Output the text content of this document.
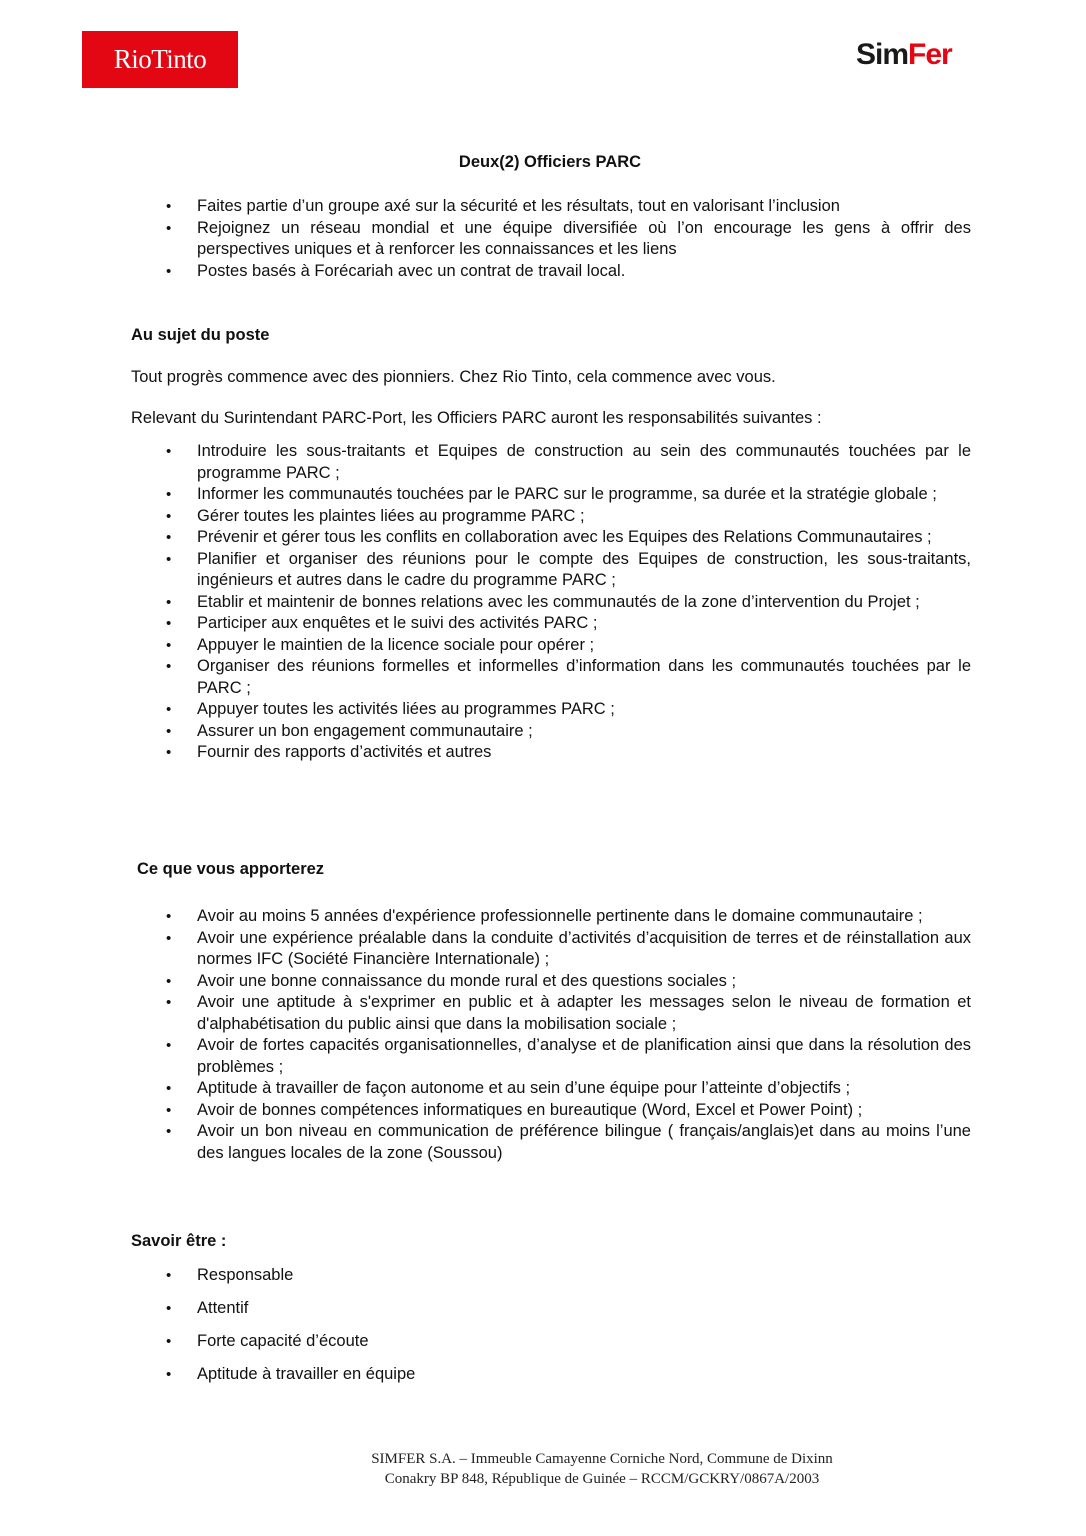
RioTinto	SimFer
Deux(2) Officiers PARC
• Faites partie d’un groupe axé sur la sécurité et les résultats, tout en valorisant l’inclusion
• Rejoignez un réseau mondial et une équipe diversifiée où l’on encourage les gens à offrir des perspectives uniques et à renforcer les connaissances et les liens
• Postes basés à Forécariah avec un contrat de travail local.
Au sujet du poste
Tout progrès commence avec des pionniers. Chez Rio Tinto, cela commence avec vous.
Relevant du Surintendant PARC-Port, les Officiers PARC auront les responsabilités suivantes :
• Introduire les sous-traitants et Equipes de construction au sein des communautés touchées par le programme PARC ;
• Informer les communautés touchées par le PARC sur le programme, sa durée et la stratégie globale ;
• Gérer toutes les plaintes liées au programme PARC ;
• Prévenir et gérer tous les conflits en collaboration avec les Equipes des Relations Communautaires ;
• Planifier et organiser des réunions pour le compte des Equipes de construction, les sous-traitants, ingénieurs et autres dans le cadre du programme PARC ;
• Etablir et maintenir de bonnes relations avec les communautés de la zone d’intervention du Projet ;
• Participer aux enquêtes et le suivi des activités PARC ;
• Appuyer le maintien de la licence sociale pour opérer ;
• Organiser des réunions formelles et informelles d’information dans les communautés touchées par le PARC ;
• Appuyer toutes les activités liées au programmes PARC ;
• Assurer un bon engagement communautaire ;
• Fournir des rapports d’activités et autres
Ce que vous apporterez
• Avoir au moins 5 années d'expérience professionnelle pertinente dans le domaine communautaire ;
• Avoir une expérience préalable dans la conduite d’activités d’acquisition de terres et de réinstallation aux normes IFC (Société Financière Internationale) ;
• Avoir une bonne connaissance du monde rural et des questions sociales ;
• Avoir une aptitude à s'exprimer en public et à adapter les messages selon le niveau de formation et d'alphabétisation du public ainsi que dans la mobilisation sociale ;
• Avoir de fortes capacités organisationnelles, d’analyse et de planification ainsi que dans la résolution des problèmes ;
• Aptitude à travailler de façon autonome et au sein d’une équipe pour l’atteinte d’objectifs ;
• Avoir de bonnes compétences informatiques en bureautique (Word, Excel et Power Point) ;
• Avoir un bon niveau en communication de préférence bilingue ( français/anglais)et dans au moins l’une des langues locales de la zone (Soussou)
Savoir être :
• Responsable
• Attentif
• Forte capacité d’écoute
• Aptitude à travailler en équipe
SIMFER S.A. – Immeuble Camayenne Corniche Nord, Commune de Dixinn
Conakry BP 848, République de Guinée – RCCM/GCKRY/0867A/2003
